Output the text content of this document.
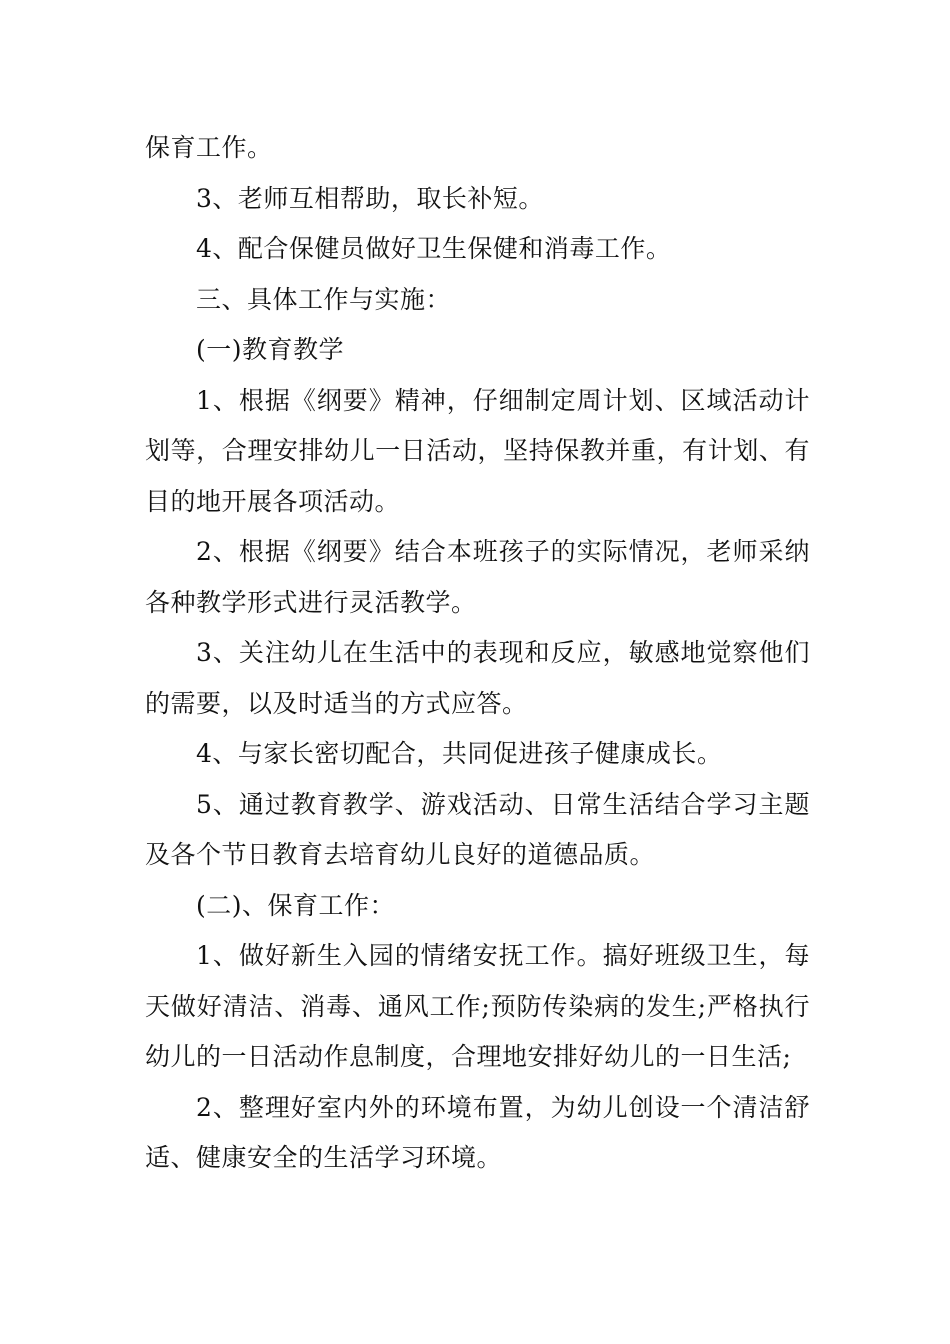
保育工作。

3、老师互相帮助，取长补短。

4、配合保健员做好卫生保健和消毒工作。

三、具体工作与实施：

(一)教育教学

1、根据《纲要》精神，仔细制定周计划、区域活动计划等，合理安排幼儿一日活动，坚持保教并重，有计划、有目的地开展各项活动。

2、根据《纲要》结合本班孩子的实际情况，老师采纳各种教学形式进行灵活教学。

3、关注幼儿在生活中的表现和反应，敏感地觉察他们的需要，以及时适当的方式应答。

4、与家长密切配合，共同促进孩子健康成长。

5、通过教育教学、游戏活动、日常生活结合学习主题及各个节日教育去培育幼儿良好的道德品质。

(二)、保育工作：

1、做好新生入园的情绪安抚工作。搞好班级卫生，每天做好清洁、消毒、通风工作;预防传染病的发生;严格执行幼儿的一日活动作息制度，合理地安排好幼儿的一日生活;

2、整理好室内外的环境布置，为幼儿创设一个清洁舒适、健康安全的生活学习环境。
